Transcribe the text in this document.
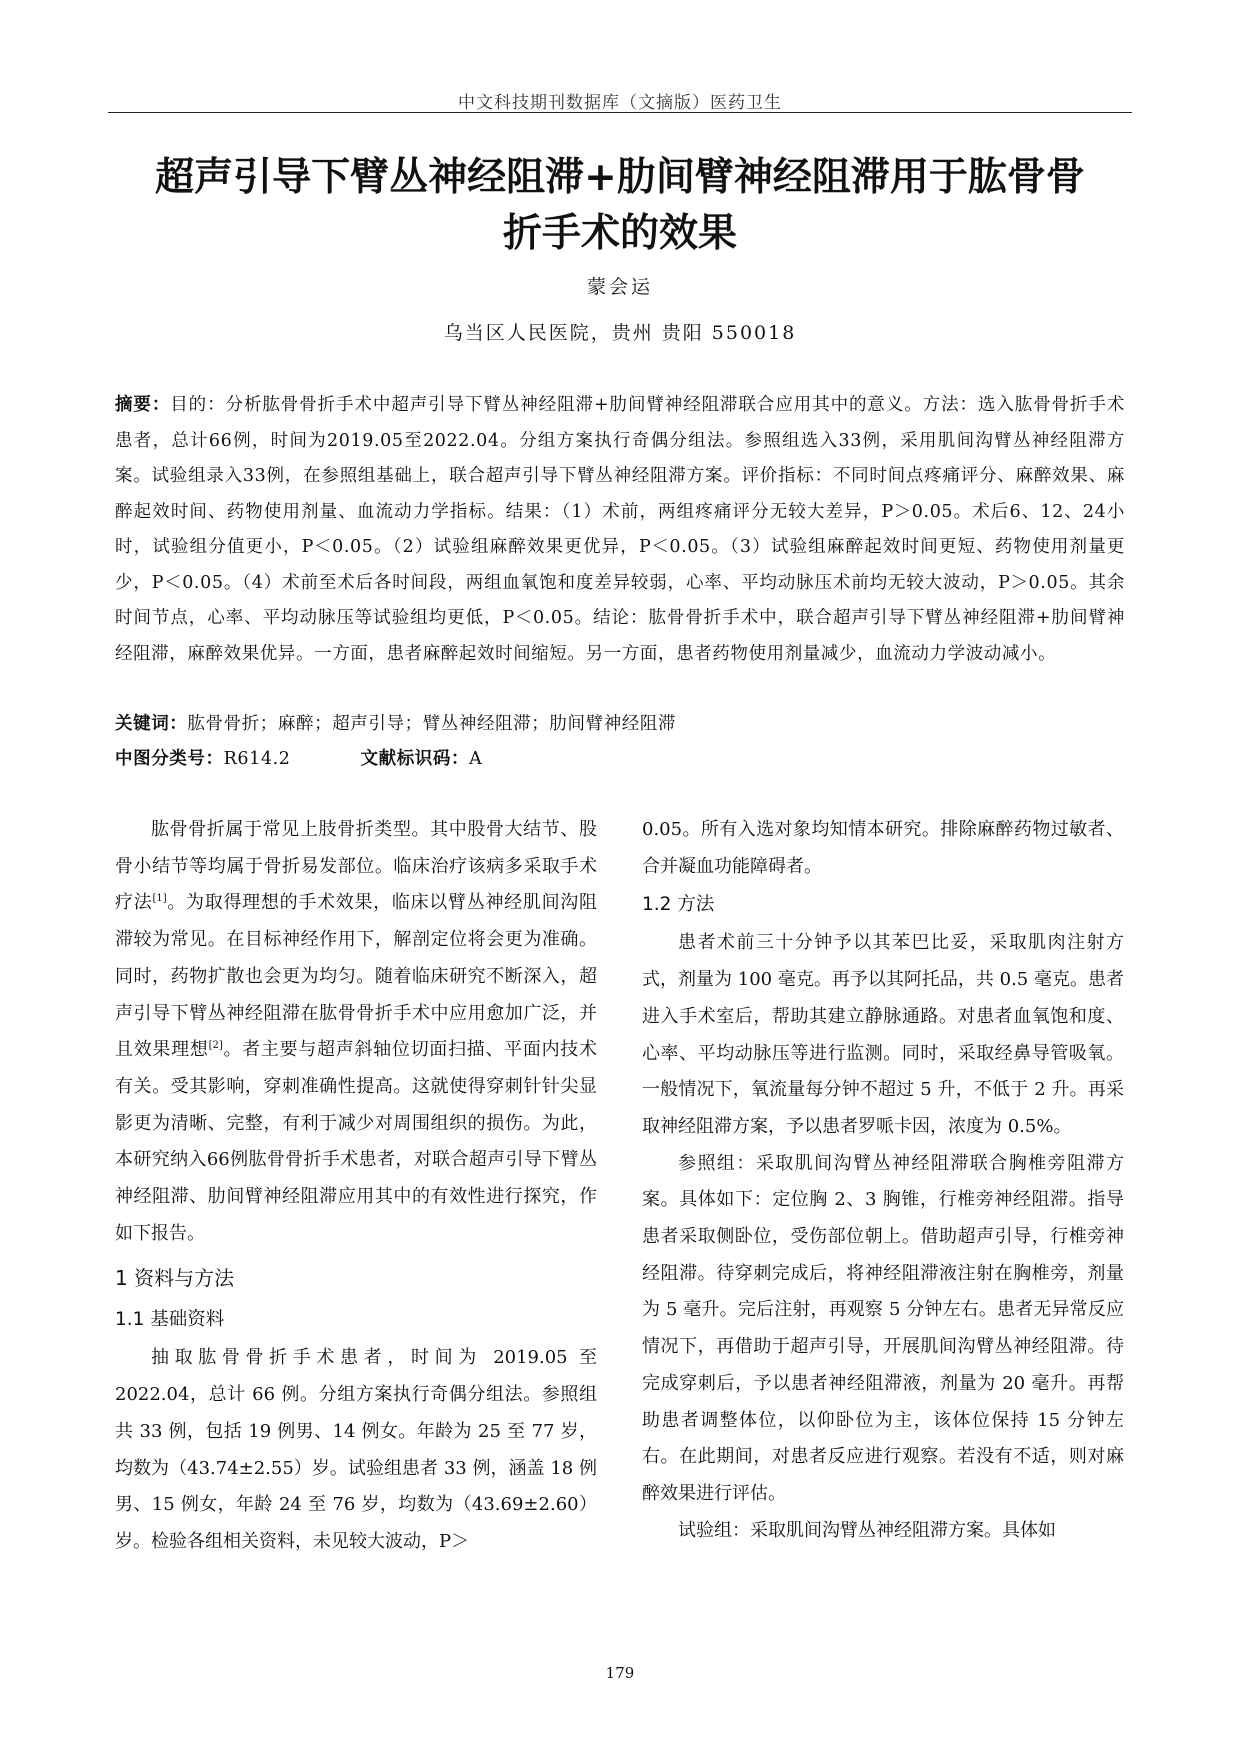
中文科技期刊数据库（文摘版）医药卫生
超声引导下臂丛神经阻滞+肋间臂神经阻滞用于肱骨骨
折手术的效果
蒙会运
乌当区人民医院，贵州 贵阳 550018
摘要：目的：分析肱骨骨折手术中超声引导下臂丛神经阻滞+肋间臂神经阻滞联合应用其中的意义。方法：选入肱骨骨折手术患者，总计66例，时间为2019.05至2022.04。分组方案执行奇偶分组法。参照组选入33例，采用肌间沟臂丛神经阻滞方案。试验组录入33例，在参照组基础上，联合超声引导下臂丛神经阻滞方案。评价指标：不同时间点疼痛评分、麻醉效果、麻醉起效时间、药物使用剂量、血流动力学指标。结果：（1）术前，两组疼痛评分无较大差异，P＞0.05。术后6、12、24小时，试验组分值更小，P＜0.05。（2）试验组麻醉效果更优异，P＜0.05。（3）试验组麻醉起效时间更短、药物使用剂量更少，P＜0.05。（4）术前至术后各时间段，两组血氧饱和度差异较弱，心率、平均动脉压术前均无较大波动，P＞0.05。其余时间节点，心率、平均动脉压等试验组均更低，P＜0.05。结论：肱骨骨折手术中，联合超声引导下臂丛神经阻滞+肋间臂神经阻滞，麻醉效果优异。一方面，患者麻醉起效时间缩短。另一方面，患者药物使用剂量减少，血流动力学波动减小。
关键词：肱骨骨折；麻醉；超声引导；臂丛神经阻滞；肋间臂神经阻滞
中图分类号：R614.2	文献标识码：A

肱骨骨折属于常见上肢骨折类型。其中股骨大结节、股骨小结节等均属于骨折易发部位。临床治疗该病多采取手术疗法[1]。为取得理想的手术效果，临床以臂丛神经肌间沟阻滞较为常见。在目标神经作用下，解剖定位将会更为准确。同时，药物扩散也会更为均匀。随着临床研究不断深入，超声引导下臂丛神经阻滞在肱骨骨折手术中应用愈加广泛，并且效果理想[2]。者主要与超声斜轴位切面扫描、平面内技术有关。受其影响，穿刺准确性提高。这就使得穿刺针针尖显影更为清晰、完整，有利于减少对周围组织的损伤。为此，本研究纳入66例肱骨骨折手术患者，对联合超声引导下臂丛神经阻滞、肋间臂神经阻滞应用其中的有效性进行探究，作如下报告。

1 资料与方法
1.1 基础资料

抽取肱骨骨折手术患者，时间为 2019.05 至 2022.04，总计 66 例。分组方案执行奇偶分组法。参照组共 33 例，包括 19 例男、14 例女。年龄为 25 至 77 岁，均数为（43.74±2.55）岁。试验组患者 33 例，涵盖 18 例男、15 例女，年龄 24 至 76 岁，均数为（43.69±2.60）岁。检验各组相关资料，未见较大波动，P＞

0.05。所有入选对象均知情本研究。排除麻醉药物过敏者、合并凝血功能障碍者。

1.2 方法

患者术前三十分钟予以其苯巴比妥，采取肌肉注射方式，剂量为 100 毫克。再予以其阿托品，共 0.5 毫克。患者进入手术室后，帮助其建立静脉通路。对患者血氧饱和度、心率、平均动脉压等进行监测。同时，采取经鼻导管吸氧。一般情况下，氧流量每分钟不超过 5 升，不低于 2 升。再采取神经阻滞方案，予以患者罗哌卡因，浓度为 0.5%。

参照组：采取肌间沟臂丛神经阻滞联合胸椎旁阻滞方案。具体如下：定位胸 2、3 胸锥，行椎旁神经阻滞。指导患者采取侧卧位，受伤部位朝上。借助超声引导，行椎旁神经阻滞。待穿刺完成后，将神经阻滞液注射在胸椎旁，剂量为 5 毫升。完后注射，再观察 5 分钟左右。患者无异常反应情况下，再借助于超声引导，开展肌间沟臂丛神经阻滞。待完成穿刺后，予以患者神经阻滞液，剂量为 20 毫升。再帮助患者调整体位，以仰卧位为主，该体位保持 15 分钟左右。在此期间，对患者反应进行观察。若没有不适，则对麻醉效果进行评估。

试验组：采取肌间沟臂丛神经阻滞方案。具体如

179
